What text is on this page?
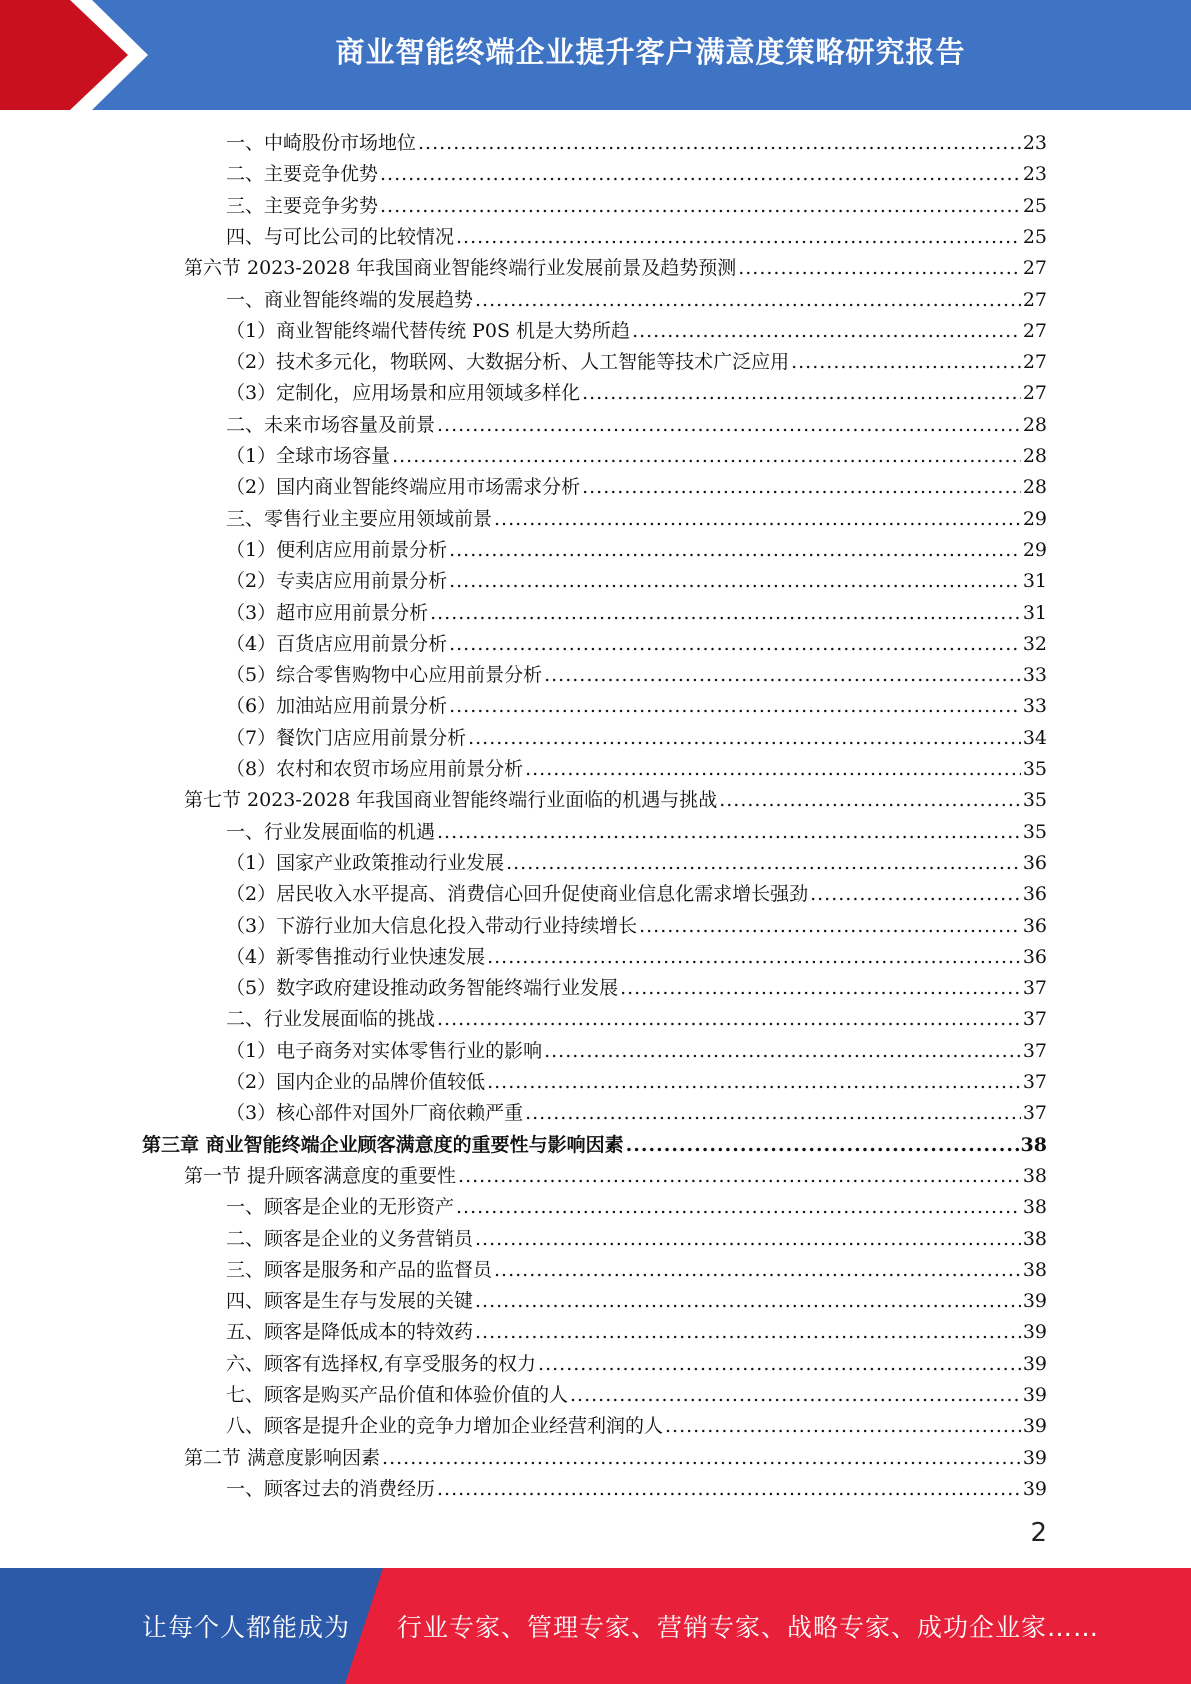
商业智能终端企业提升客户满意度策略研究报告
一、中崎股份市场地位 .....	23
二、主要竞争优势 .....	23
三、主要竞争劣势 .....	25
四、与可比公司的比较情况 .....	25
第六节 2023-2028 年我国商业智能终端行业发展前景及趋势预测 .....	27
一、商业智能终端的发展趋势 .....	27
（1）商业智能终端代替传统 P0S 机是大势所趋 .....	27
（2）技术多元化，物联网、大数据分析、人工智能等技术广泛应用 .....	27
（3）定制化，应用场景和应用领域多样化 .....	27
二、未来市场容量及前景 .....	28
（1）全球市场容量 .....	28
（2）国内商业智能终端应用市场需求分析 .....	28
三、零售行业主要应用领域前景 .....	29
（1）便利店应用前景分析 .....	29
（2）专卖店应用前景分析 .....	31
（3）超市应用前景分析 .....	31
（4）百货店应用前景分析 .....	32
（5）综合零售购物中心应用前景分析 .....	33
（6）加油站应用前景分析 .....	33
（7）餐饮门店应用前景分析 .....	34
（8）农村和农贸市场应用前景分析 .....	35
第七节 2023-2028 年我国商业智能终端行业面临的机遇与挑战 .....	35
一、行业发展面临的机遇 .....	35
（1）国家产业政策推动行业发展 .....	36
（2）居民收入水平提高、消费信心回升促使商业信息化需求增长强劲 .....	36
（3）下游行业加大信息化投入带动行业持续增长 .....	36
（4）新零售推动行业快速发展 .....	36
（5）数字政府建设推动政务智能终端行业发展 .....	37
二、行业发展面临的挑战 .....	37
（1）电子商务对实体零售行业的影响 .....	37
（2）国内企业的品牌价值较低 .....	37
（3）核心部件对国外厂商依赖严重 .....	37
第三章 商业智能终端企业顾客满意度的重要性与影响因素 .....	38
第一节 提升顾客满意度的重要性 .....	38
一、顾客是企业的无形资产 .....	38
二、顾客是企业的义务营销员 .....	38
三、顾客是服务和产品的监督员 .....	38
四、顾客是生存与发展的关键 .....	39
五、顾客是降低成本的特效药 .....	39
六、顾客有选择权,有享受服务的权力 .....	39
七、顾客是购买产品价值和体验价值的人 .....	39
八、顾客是提升企业的竞争力增加企业经营利润的人 .....	39
第二节 满意度影响因素 .....	39
一、顾客过去的消费经历 .....	39
2
让每个人都能成为 行业专家、管理专家、营销专家、战略专家、成功企业家……
